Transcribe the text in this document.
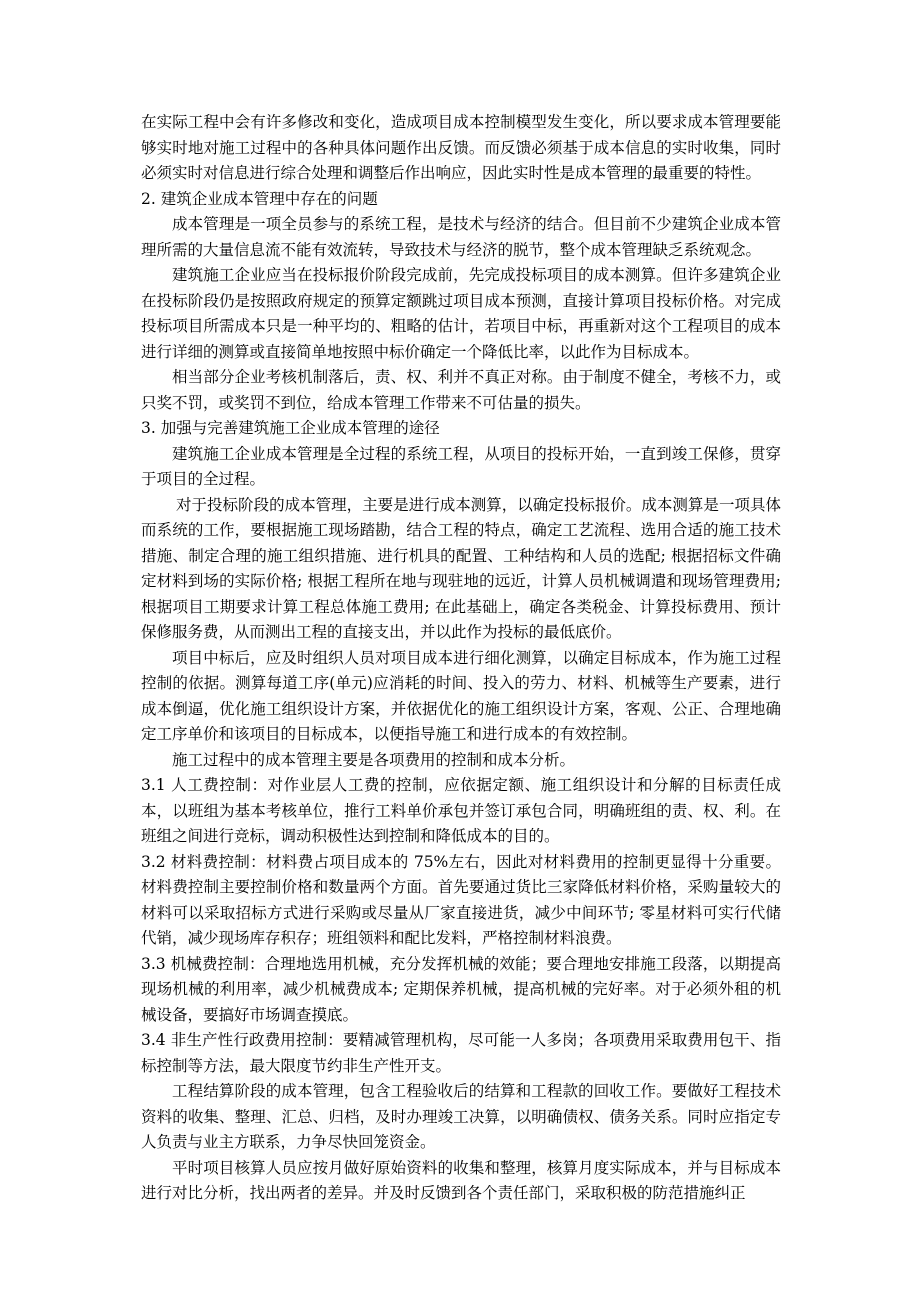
在实际工程中会有许多修改和变化，造成项目成本控制模型发生变化，所以要求成本管理要能够实时地对施工过程中的各种具体问题作出反馈。而反馈必须基于成本信息的实时收集，同时必须实时对信息进行综合处理和调整后作出响应，因此实时性是成本管理的最重要的特性。

2. 建筑企业成本管理中存在的问题

成本管理是一项全员参与的系统工程，是技术与经济的结合。但目前不少建筑企业成本管理所需的大量信息流不能有效流转，导致技术与经济的脱节，整个成本管理缺乏系统观念。

建筑施工企业应当在投标报价阶段完成前，先完成投标项目的成本测算。但许多建筑企业在投标阶段仍是按照政府规定的预算定额跳过项目成本预测，直接计算项目投标价格。对完成投标项目所需成本只是一种平均的、粗略的估计，若项目中标，再重新对这个工程项目的成本进行详细的测算或直接简单地按照中标价确定一个降低比率，以此作为目标成本。

相当部分企业考核机制落后，责、权、利并不真正对称。由于制度不健全，考核不力，或只奖不罚，或奖罚不到位，给成本管理工作带来不可估量的损失。

3. 加强与完善建筑施工企业成本管理的途径

建筑施工企业成本管理是全过程的系统工程，从项目的投标开始，一直到竣工保修，贯穿于项目的全过程。

对于投标阶段的成本管理，主要是进行成本测算，以确定投标报价。成本测算是一项具体而系统的工作，要根据施工现场踏勘，结合工程的特点，确定工艺流程、选用合适的施工技术措施、制定合理的施工组织措施、进行机具的配置、工种结构和人员的选配; 根据招标文件确定材料到场的实际价格; 根据工程所在地与现驻地的远近，计算人员机械调遣和现场管理费用; 根据项目工期要求计算工程总体施工费用; 在此基础上，确定各类税金、计算投标费用、预计保修服务费，从而测出工程的直接支出，并以此作为投标的最低底价。

项目中标后，应及时组织人员对项目成本进行细化测算，以确定目标成本，作为施工过程控制的依据。测算每道工序(单元)应消耗的时间、投入的劳力、材料、机械等生产要素，进行成本倒逼，优化施工组织设计方案，并依据优化的施工组织设计方案，客观、公正、合理地确定工序单价和该项目的目标成本，以便指导施工和进行成本的有效控制。

施工过程中的成本管理主要是各项费用的控制和成本分析。

3.1 人工费控制：对作业层人工费的控制，应依据定额、施工组织设计和分解的目标责任成本，以班组为基本考核单位，推行工料单价承包并签订承包合同，明确班组的责、权、利。在班组之间进行竞标，调动积极性达到控制和降低成本的目的。

3.2 材料费控制：材料费占项目成本的 75%左右，因此对材料费用的控制更显得十分重要。材料费控制主要控制价格和数量两个方面。首先要通过货比三家降低材料价格，采购量较大的材料可以采取招标方式进行采购或尽量从厂家直接进货，减少中间环节; 零星材料可实行代储代销，减少现场库存积存；班组领料和配比发料，严格控制材料浪费。

3.3 机械费控制：合理地选用机械，充分发挥机械的效能；要合理地安排施工段落，以期提高现场机械的利用率，减少机械费成本; 定期保养机械，提高机械的完好率。对于必须外租的机械设备，要搞好市场调查摸底。

3.4 非生产性行政费用控制：要精减管理机构，尽可能一人多岗；各项费用采取费用包干、指标控制等方法，最大限度节约非生产性开支。

工程结算阶段的成本管理，包含工程验收后的结算和工程款的回收工作。要做好工程技术资料的收集、整理、汇总、归档，及时办理竣工决算，以明确债权、债务关系。同时应指定专人负责与业主方联系，力争尽快回笼资金。

平时项目核算人员应按月做好原始资料的收集和整理，核算月度实际成本，并与目标成本进行对比分析，找出两者的差异。并及时反馈到各个责任部门，采取积极的防范措施纠正
